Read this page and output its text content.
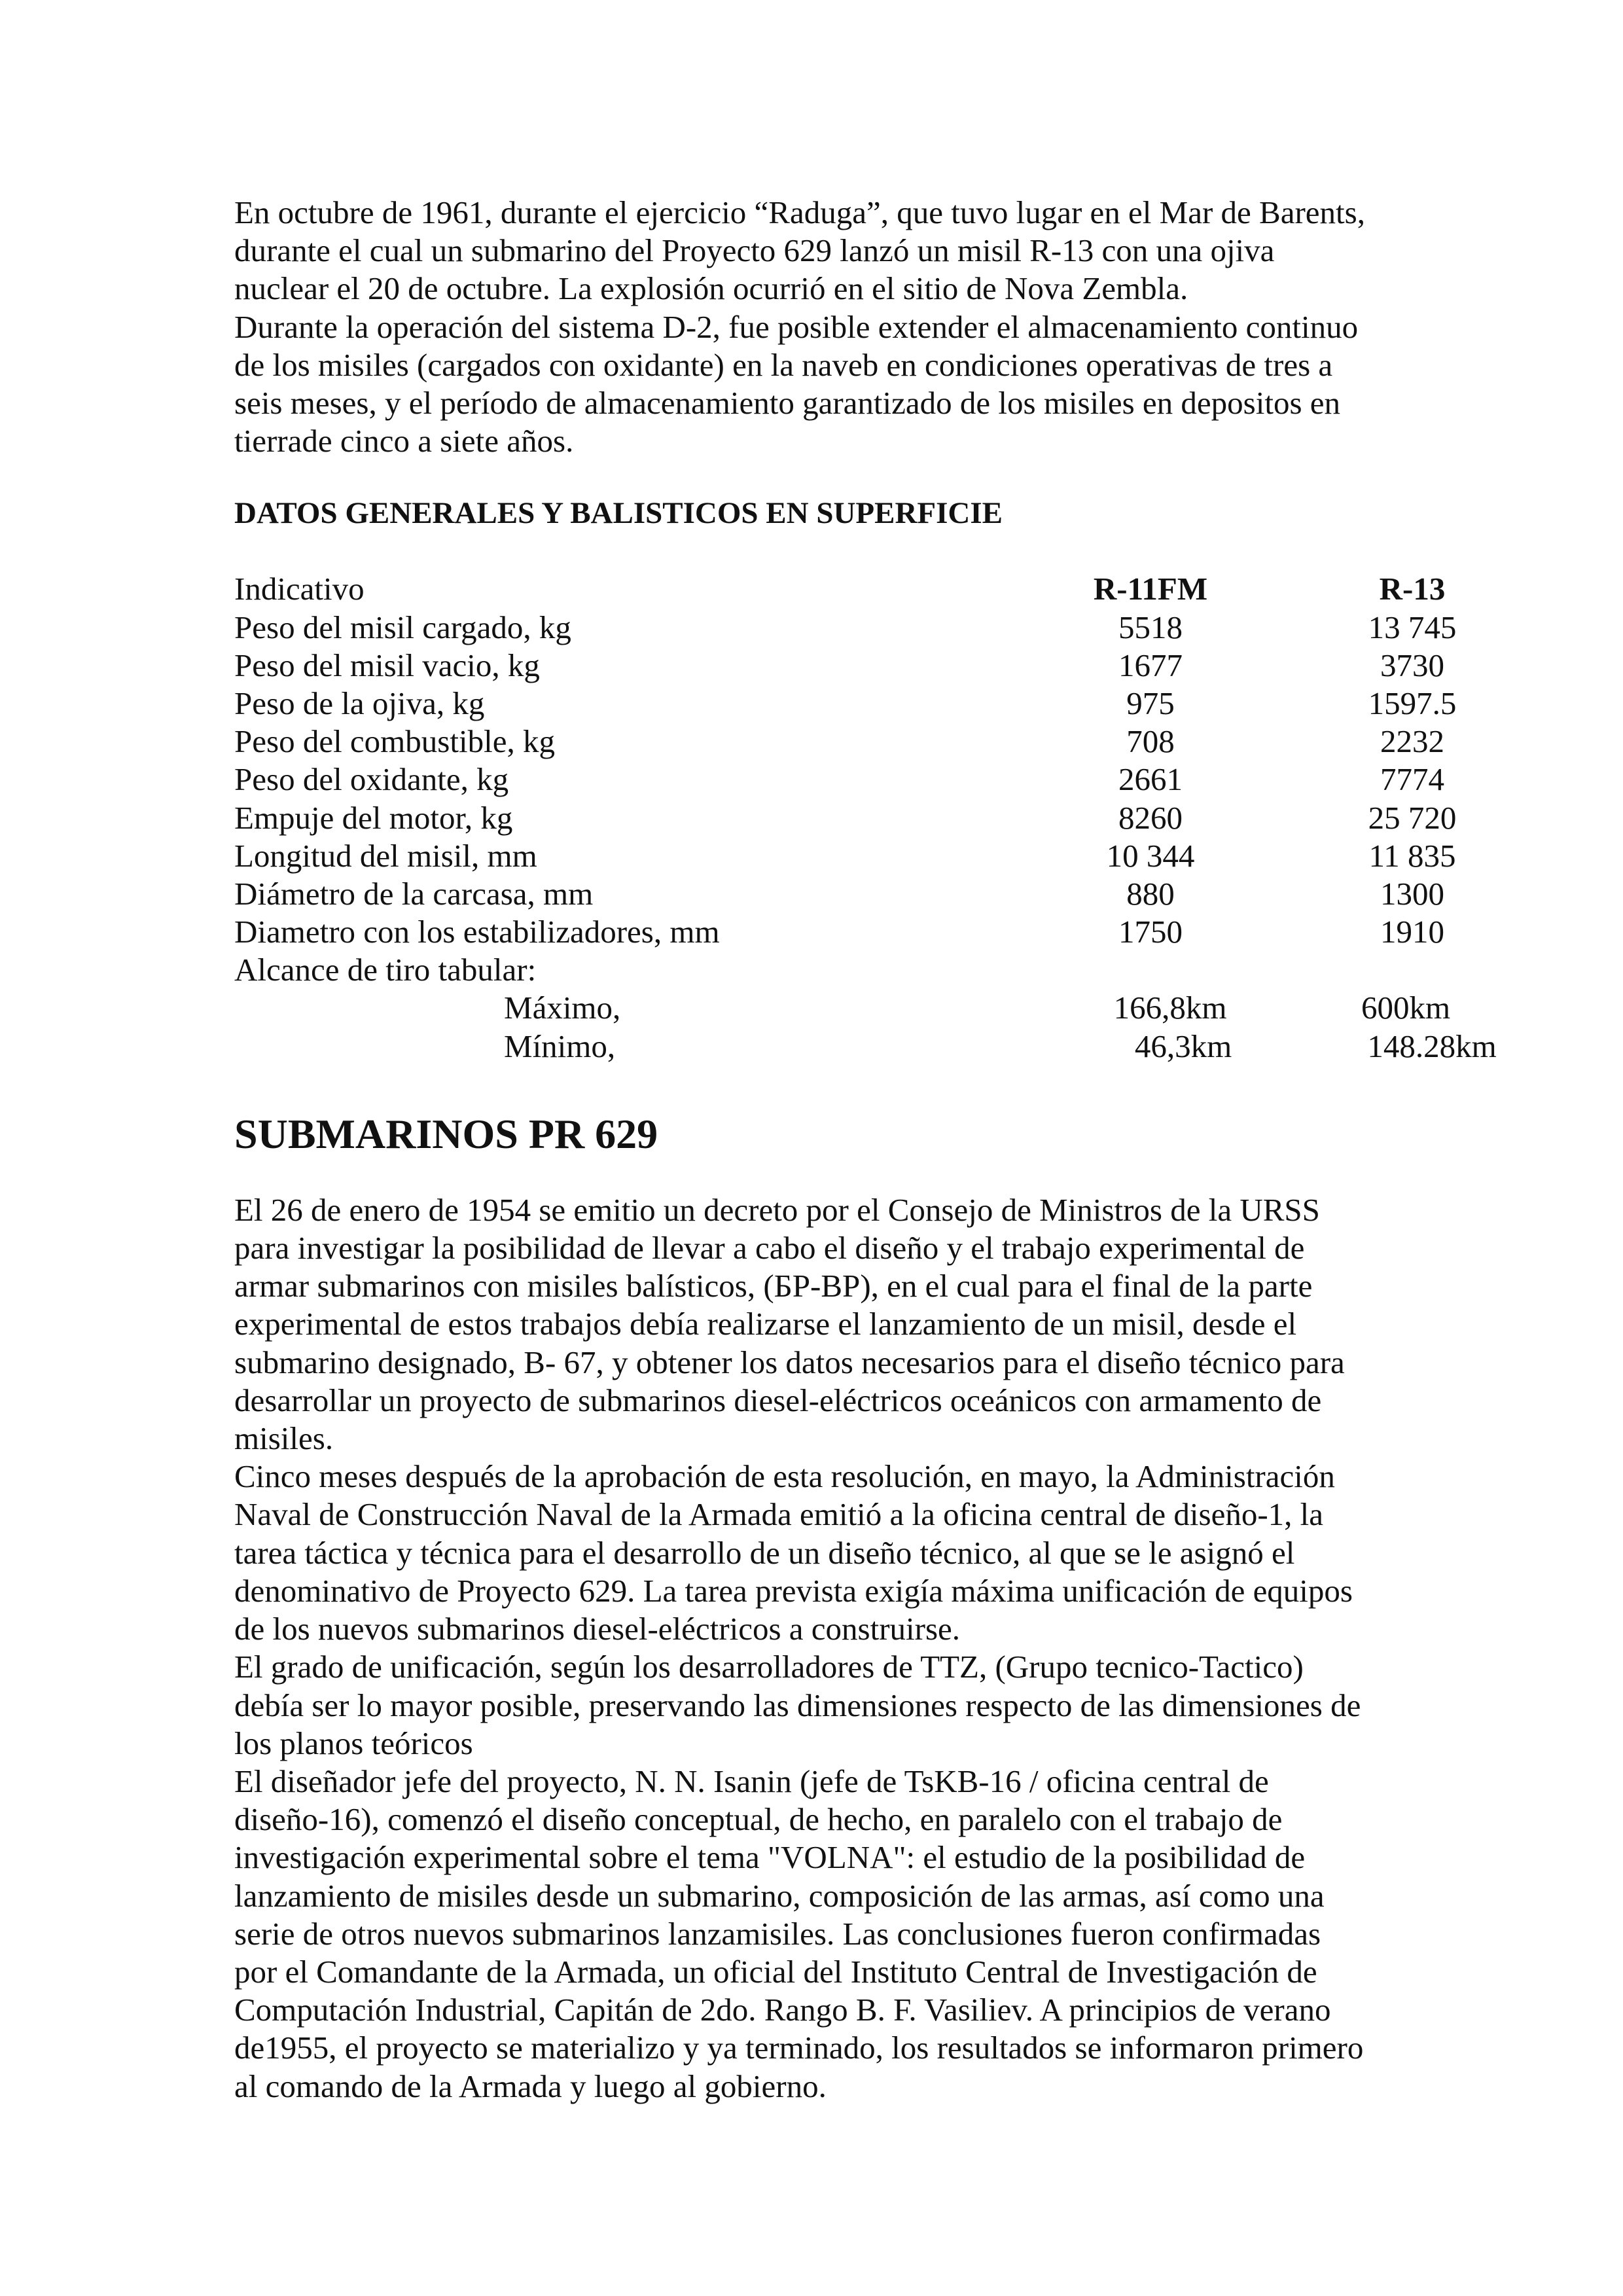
En octubre de 1961, durante el ejercicio “Raduga”, que tuvo lugar en el Mar de Barents,
durante el cual un submarino del Proyecto 629 lanzó un misil R-13 con una ojiva
nuclear el 20 de octubre. La explosión ocurrió en el sitio de Nova Zembla.
Durante la operación del sistema D-2, fue posible extender el almacenamiento continuo
de los misiles (cargados con oxidante) en la naveb en condiciones operativas de tres a
seis meses, y el período de almacenamiento garantizado de los misiles en depositos en
tierrade cinco a siete años.
DATOS GENERALES Y BALISTICOS EN SUPERFICIE
Indicativo	R-11FM	R-13
Peso del misil cargado, kg	5518	13 745
Peso del misil vacio, kg	1677	3730
Peso de la ojiva, kg	975	1597.5
Peso del combustible, kg	708	2232
Peso del oxidante, kg	2661	7774
Empuje del motor, kg	8260	25 720
Longitud del misil, mm	10 344	11 835
Diámetro de la carcasa, mm	880	1300
Diametro con los estabilizadores, mm	1750	1910
Alcance de tiro tabular:
Máximo,	166,8km	600km
Mínimo,	46,3km	148.28km
SUBMARINOS PR 629
El 26 de enero de 1954 se emitio un decreto por el Consejo de Ministros de la URSS
para investigar la posibilidad de llevar a cabo el diseño y el trabajo experimental de
armar submarinos con misiles balísticos, (БР-ВР), en el cual para el final de la parte
experimental de estos trabajos debía realizarse el lanzamiento de un misil, desde el
submarino designado, B- 67, y obtener los datos necesarios para el diseño técnico para
desarrollar un proyecto de submarinos diesel-eléctricos oceánicos con armamento de
misiles.
Cinco meses después de la aprobación de esta resolución, en mayo, la Administración
Naval de Construcción Naval de la Armada emitió a la oficina central de diseño-1, la
tarea táctica y técnica para el desarrollo de un diseño técnico, al que se le asignó el
denominativo de Proyecto 629. La tarea prevista exigía máxima unificación de equipos
de los nuevos submarinos diesel-eléctricos a construirse.
El grado de unificación, según los desarrolladores de TTZ, (Grupo tecnico-Tactico)
debía ser lo mayor posible, preservando las dimensiones respecto de las dimensiones de
los planos teóricos
El diseñador jefe del proyecto, N. N. Isanin (jefe de TsKB-16 / oficina central de
diseño-16), comenzó el diseño conceptual, de hecho, en paralelo con el trabajo de
investigación experimental sobre el tema "VOLNA": el estudio de la posibilidad de
lanzamiento de misiles desde un submarino, composición de las armas, así como una
serie de otros nuevos submarinos lanzamisiles. Las conclusiones fueron confirmadas
por el Comandante de la Armada, un oficial del Instituto Central de Investigación de
Computación Industrial, Capitán de 2do. Rango B. F. Vasiliev. A principios de verano
de1955, el proyecto se materializo y ya terminado, los resultados se informaron primero
al comando de la Armada y luego al gobierno.
